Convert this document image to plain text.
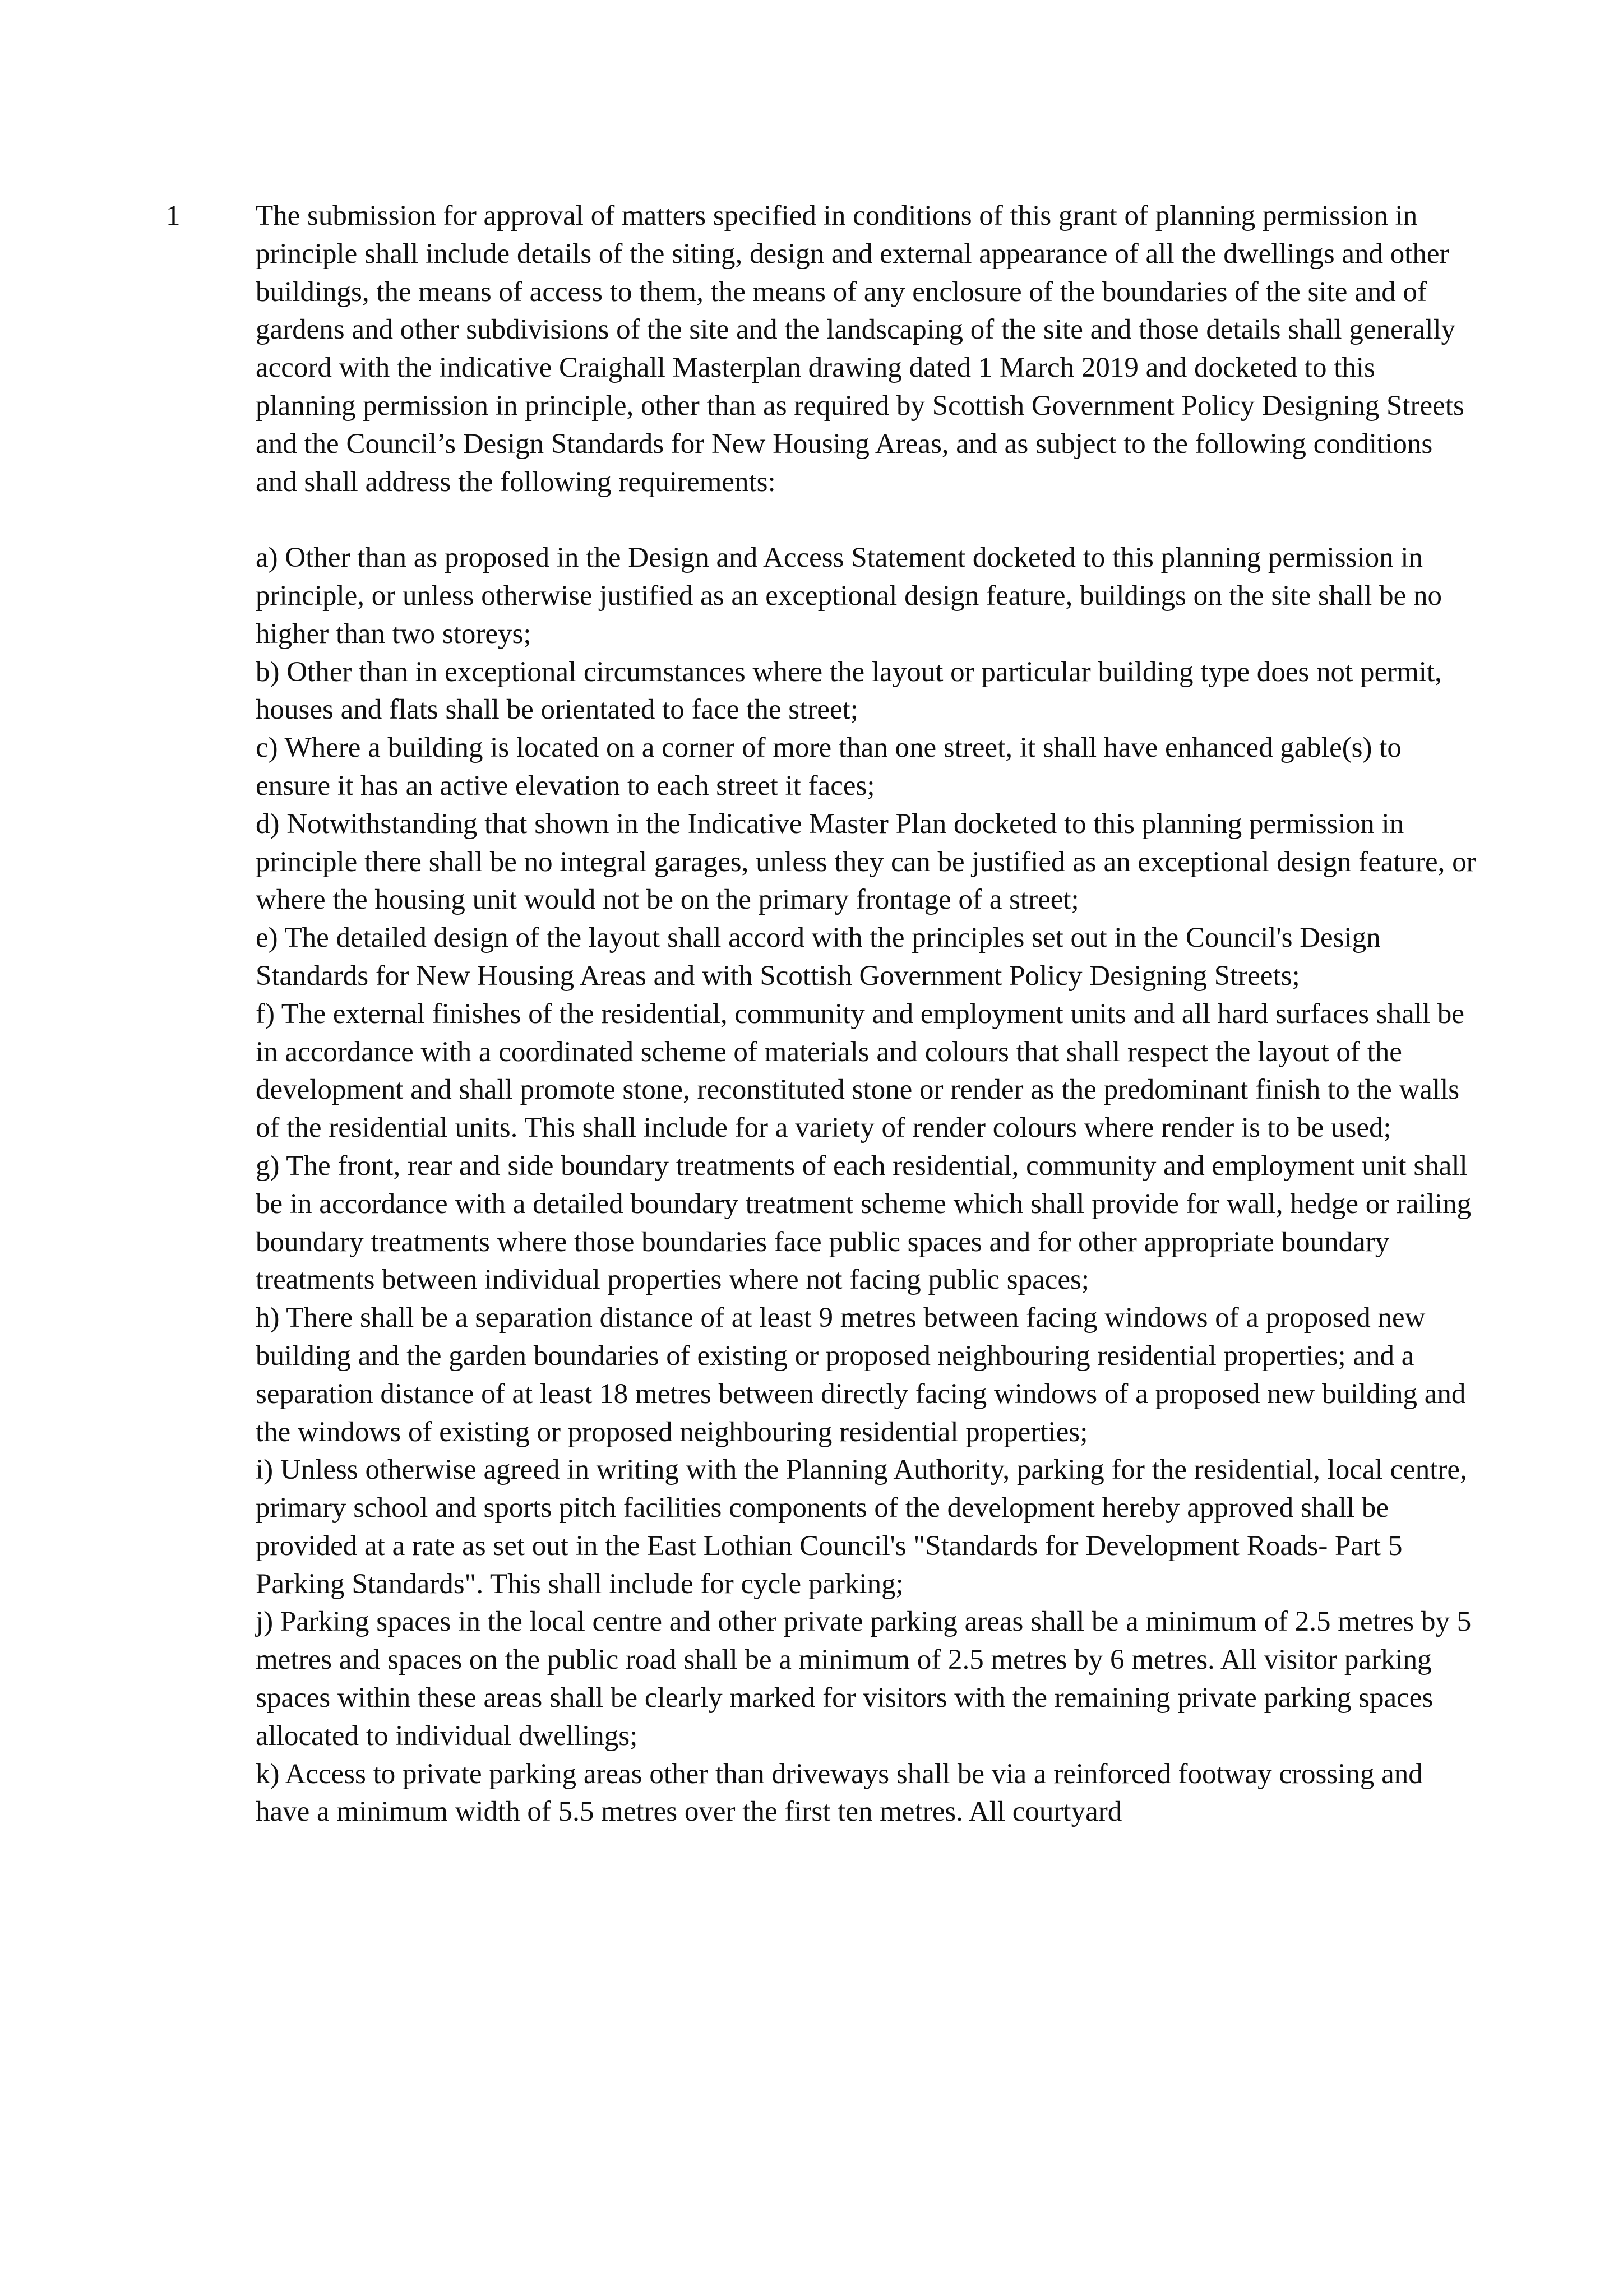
1	The submission for approval of matters specified in conditions of this grant of planning permission in principle shall include details of the siting, design and external appearance of all the dwellings and other buildings, the means of access to them, the means of any enclosure of the boundaries of the site and of gardens and other subdivisions of the site and the landscaping of the site and those details shall generally accord with the indicative Craighall Masterplan drawing dated 1 March 2019 and docketed to this planning permission in principle, other than as required by Scottish Government Policy Designing Streets and the Council’s Design Standards for New Housing Areas, and as subject to the following conditions and shall address the following requirements:

a) Other than as proposed in the Design and Access Statement docketed to this planning permission in principle, or unless otherwise justified as an exceptional design feature, buildings on the site shall be no higher than two storeys;
b) Other than in exceptional circumstances where the layout or particular building type does not permit, houses and flats shall be orientated to face the street;
c) Where a building is located on a corner of more than one street, it shall have enhanced gable(s) to ensure it has an active elevation to each street it faces;
d) Notwithstanding that shown in the Indicative Master Plan docketed to this planning permission in principle there shall be no integral garages, unless they can be justified as an exceptional design feature, or where the housing unit would not be on the primary frontage of a street;
e) The detailed design of the layout shall accord with the principles set out in the Council's Design Standards for New Housing Areas and with Scottish Government Policy Designing Streets;
f) The external finishes of the residential, community and employment units and all hard surfaces shall be in accordance with a coordinated scheme of materials and colours that shall respect the layout of the development and shall promote stone, reconstituted stone or render as the predominant finish to the walls of the residential units. This shall include for a variety of render colours where render is to be used;
g) The front, rear and side boundary treatments of each residential, community and employment unit shall be in accordance with a detailed boundary treatment scheme which shall provide for wall, hedge or railing boundary treatments where those boundaries face public spaces and for other appropriate boundary treatments between individual properties where not facing public spaces;
h) There shall be a separation distance of at least 9 metres between facing windows of a proposed new building and the garden boundaries of existing or proposed neighbouring residential properties; and a separation distance of at least 18 metres between directly facing windows of a proposed new building and the windows of existing or proposed neighbouring residential properties;
i) Unless otherwise agreed in writing with the Planning Authority, parking for the residential, local centre, primary school and sports pitch facilities components of the development hereby approved shall be provided at a rate as set out in the East Lothian Council's "Standards for Development Roads- Part 5 Parking Standards". This shall include for cycle parking;
j) Parking spaces in the local centre and other private parking areas shall be a minimum of 2.5 metres by 5 metres and spaces on the public road shall be a minimum of 2.5 metres by 6 metres. All visitor parking spaces within these areas shall be clearly marked for visitors with the remaining private parking spaces allocated to individual dwellings;
k) Access to private parking areas other than driveways shall be via a reinforced footway crossing and have a minimum width of 5.5 metres over the first ten metres. All courtyard
